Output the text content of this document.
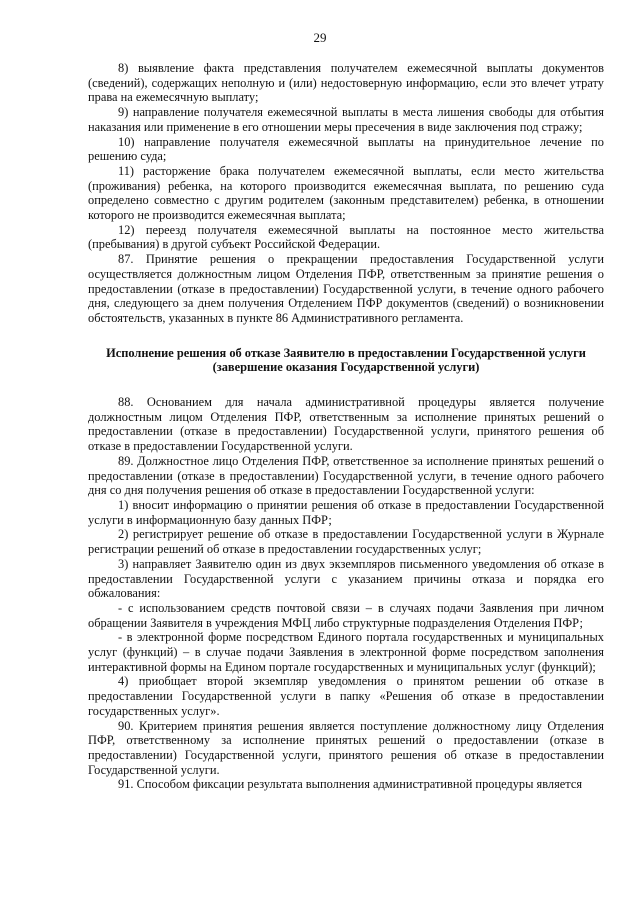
29

8) выявление факта представления получателем ежемесячной выплаты документов (сведений), содержащих неполную и (или) недостоверную информацию, если это влечет утрату права на ежемесячную выплату;

9) направление получателя ежемесячной выплаты в места лишения свободы для отбытия наказания или применение в его отношении меры пресечения в виде заключения под стражу;

10) направление получателя ежемесячной выплаты на принудительное лечение по решению суда;

11) расторжение брака получателем ежемесячной выплаты, если место жительства (проживания) ребенка, на которого производится ежемесячная выплата, по решению суда определено совместно с другим родителем (законным представителем) ребенка, в отношении которого не производится ежемесячная выплата;

12) переезд получателя ежемесячной выплаты на постоянное место жительства (пребывания) в другой субъект Российской Федерации.

87. Принятие решения о прекращении предоставления Государственной услуги осуществляется должностным лицом Отделения ПФР, ответственным за принятие решения о предоставлении (отказе в предоставлении) Государственной услуги, в течение одного рабочего дня, следующего за днем получения Отделением ПФР документов (сведений) о возникновении обстоятельств, указанных в пункте 86 Административного регламента.

Исполнение решения об отказе Заявителю в предоставлении Государственной услуги
(завершение оказания Государственной услуги)

88. Основанием для начала административной процедуры является получение должностным лицом Отделения ПФР, ответственным за исполнение принятых решений о предоставлении (отказе в предоставлении) Государственной услуги, принятого решения об отказе в предоставлении Государственной услуги.

89. Должностное лицо Отделения ПФР, ответственное за исполнение принятых решений о предоставлении (отказе в предоставлении) Государственной услуги, в течение одного рабочего дня со дня получения решения об отказе в предоставлении Государственной услуги:

1) вносит информацию о принятии решения об отказе в предоставлении Государственной услуги в информационную базу данных ПФР;

2) регистрирует решение об отказе в предоставлении Государственной услуги в Журнале регистрации решений об отказе в предоставлении государственных услуг;

3) направляет Заявителю один из двух экземпляров письменного уведомления об отказе в предоставлении Государственной услуги с указанием причины отказа и порядка его обжалования:

- с использованием средств почтовой связи – в случаях подачи Заявления при личном обращении Заявителя в учреждения МФЦ либо структурные подразделения Отделения ПФР;

- в электронной форме посредством Единого портала государственных и муниципальных услуг (функций) – в случае подачи Заявления в электронной форме посредством заполнения интерактивной формы на Едином портале государственных и муниципальных услуг (функций);

4) приобщает второй экземпляр уведомления о принятом решении об отказе в предоставлении Государственной услуги в папку «Решения об отказе в предоставлении государственных услуг».

90. Критерием принятия решения является поступление должностному лицу Отделения ПФР, ответственному за исполнение принятых решений о предоставлении (отказе в предоставлении) Государственной услуги, принятого решения об отказе в предоставлении Государственной услуги.

91. Способом фиксации результата выполнения административной процедуры является
